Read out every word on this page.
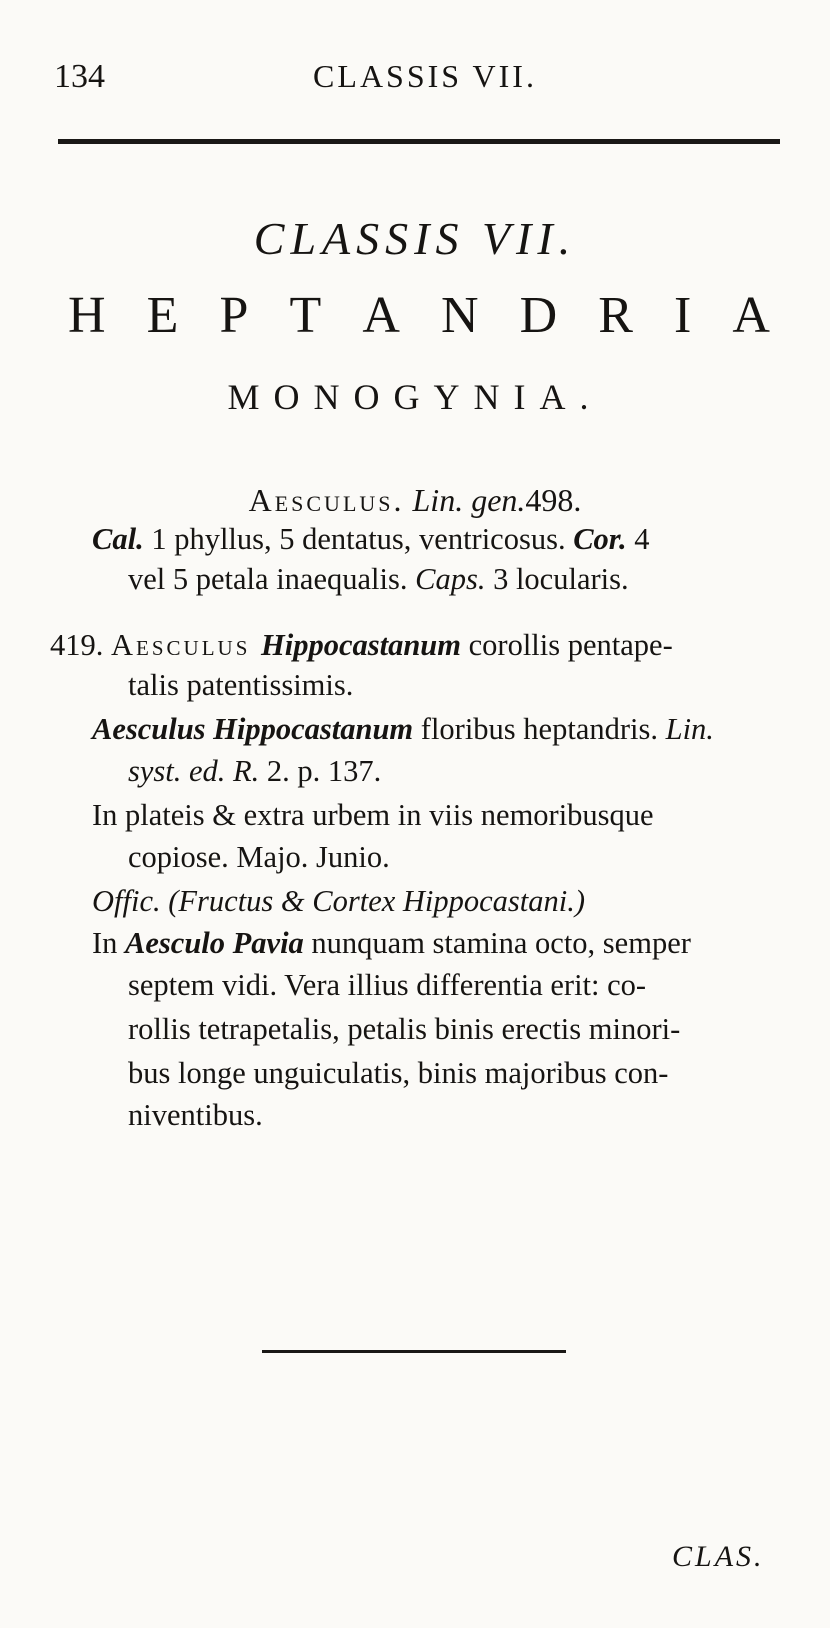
134	CLASSIS VII.
CLASSIS VII.
H E P T A N D R I A
MONOGYNIA.
Aesculus. Lin. gen.498.
Cal. 1 phyllus, 5 dentatus, ventricosus. Cor. 4
vel 5 petala inaequalis. Caps. 3 locularis.
419. Aesculus Hippocastanum corollis pentape-
talis patentissimis.
Aesculus Hippocastanum floribus heptandris. Lin.
syst. ed. R. 2. p. 137.
In plateis & extra urbem in viis nemoribusque
copiose. Majo. Junio.
Offic. (Fructus & Cortex Hippocastani.)
In Aesculo Pavia nunquam stamina octo, semper
septem vidi. Vera illius differentia erit: co-
rollis tetrapetalis, petalis binis erectis minori-
bus longe unguiculatis, binis majoribus con-
niventibus.
CLAS.
